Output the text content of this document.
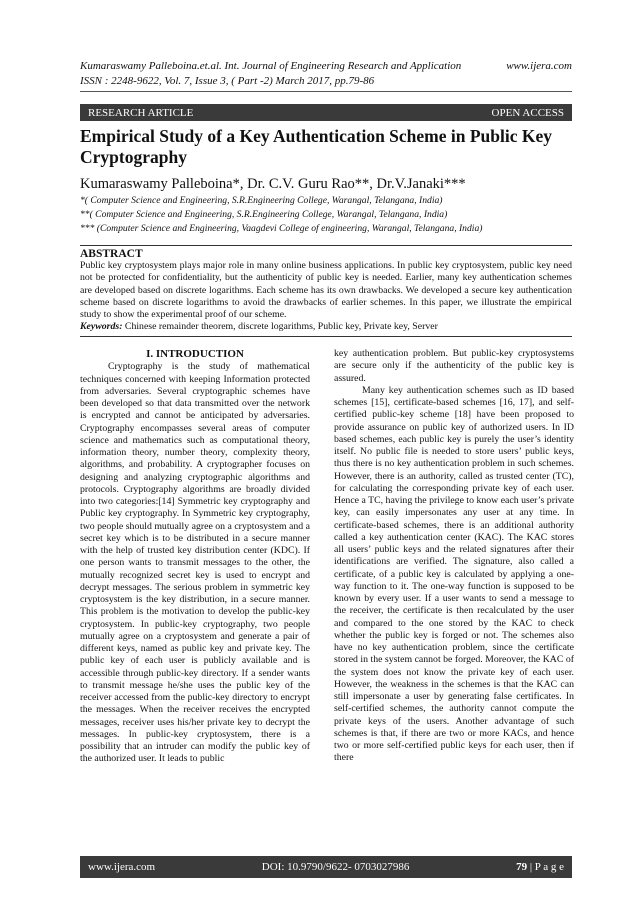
Kumaraswamy Palleboina.et.al. Int. Journal of Engineering Research and Application	www.ijera.com
ISSN : 2248-9622, Vol. 7, Issue 3, ( Part -2) March 2017, pp.79-86
RESEARCH ARTICLE	OPEN ACCESS
Empirical Study of a Key Authentication Scheme in Public Key Cryptography
Kumaraswamy Palleboina*, Dr. C.V. Guru Rao**, Dr.V.Janaki***
*( Computer Science and Engineering, S.R.Engineering College, Warangal, Telangana, India)
**( Computer Science and Engineering, S.R.Engineering College, Warangal, Telangana, India)
*** (Computer Science and Engineering, Vaagdevi College of engineering, Warangal, Telangana, India)
ABSTRACT
Public key cryptosystem plays major role in many online business applications. In public key cryptosystem, public key need not be protected for confidentiality, but the authenticity of public key is needed. Earlier, many key authentication schemes are developed based on discrete logarithms. Each scheme has its own drawbacks. We developed a secure key authentication scheme based on discrete logarithms to avoid the drawbacks of earlier schemes. In this paper, we illustrate the empirical study to show the experimental proof of our scheme.
Keywords: Chinese remainder theorem, discrete logarithms, Public key, Private key, Server
I. INTRODUCTION

Cryptography is the study of mathematical techniques concerned with keeping Information protected from adversaries. Several cryptographic schemes have been developed so that data transmitted over the network is encrypted and cannot be anticipated by adversaries. Cryptography encompasses several areas of computer science and mathematics such as computational theory, information theory, number theory, complexity theory, algorithms, and probability. A cryptographer focuses on designing and analyzing cryptographic algorithms and protocols. Cryptography algorithms are broadly divided into two categories:[14] Symmetric key cryptography and Public key cryptography. In Symmetric key cryptography, two people should mutually agree on a cryptosystem and a secret key which is to be distributed in a secure manner with the help of trusted key distribution center (KDC). If one person wants to transmit messages to the other, the mutually recognized secret key is used to encrypt and decrypt messages. The serious problem in symmetric key cryptosystem is the key distribution, in a secure manner. This problem is the motivation to develop the public-key cryptosystem. In public-key cryptography, two people mutually agree on a cryptosystem and generate a pair of different keys, named as public key and private key. The public key of each user is publicly available and is accessible through public-key directory. If a sender wants to transmit message he/she uses the public key of the receiver accessed from the public-key directory to encrypt the messages. When the receiver receives the encrypted messages, receiver uses his/her private key to decrypt the messages. In public-key cryptosystem, there is a possibility that an intruder can modify the public key of the authorized user. It leads to public

key authentication problem. But public-key cryptosystems are secure only if the authenticity of the public key is assured.

Many key authentication schemes such as ID based schemes [15], certificate-based schemes [16, 17], and self-certified public-key scheme [18] have been proposed to provide assurance on public key of authorized users. In ID based schemes, each public key is purely the user’s identity itself. No public file is needed to store users’ public keys, thus there is no key authentication problem in such schemes. However, there is an authority, called as trusted center (TC), for calculating the corresponding private key of each user. Hence a TC, having the privilege to know each user’s private key, can easily impersonates any user at any time. In certificate-based schemes, there is an additional authority called a key authentication center (KAC). The KAC stores all users’ public keys and the related signatures after their identifications are verified. The signature, also called a certificate, of a public key is calculated by applying a one-way function to it. The one-way function is supposed to be known by every user. If a user wants to send a message to the receiver, the certificate is then recalculated by the user and compared to the one stored by the KAC to check whether the public key is forged or not. The schemes also have no key authentication problem, since the certificate stored in the system cannot be forged. Moreover, the KAC of the system does not know the private key of each user. However, the weakness in the schemes is that the KAC can still impersonate a user by generating false certificates. In self-certified schemes, the authority cannot compute the private keys of the users. Another advantage of such schemes is that, if there are two or more KACs, and hence two or more self-certified public keys for each user, then if there

www.ijera.com	DOI: 10.9790/9622- 0703027986	79 | P a g e
